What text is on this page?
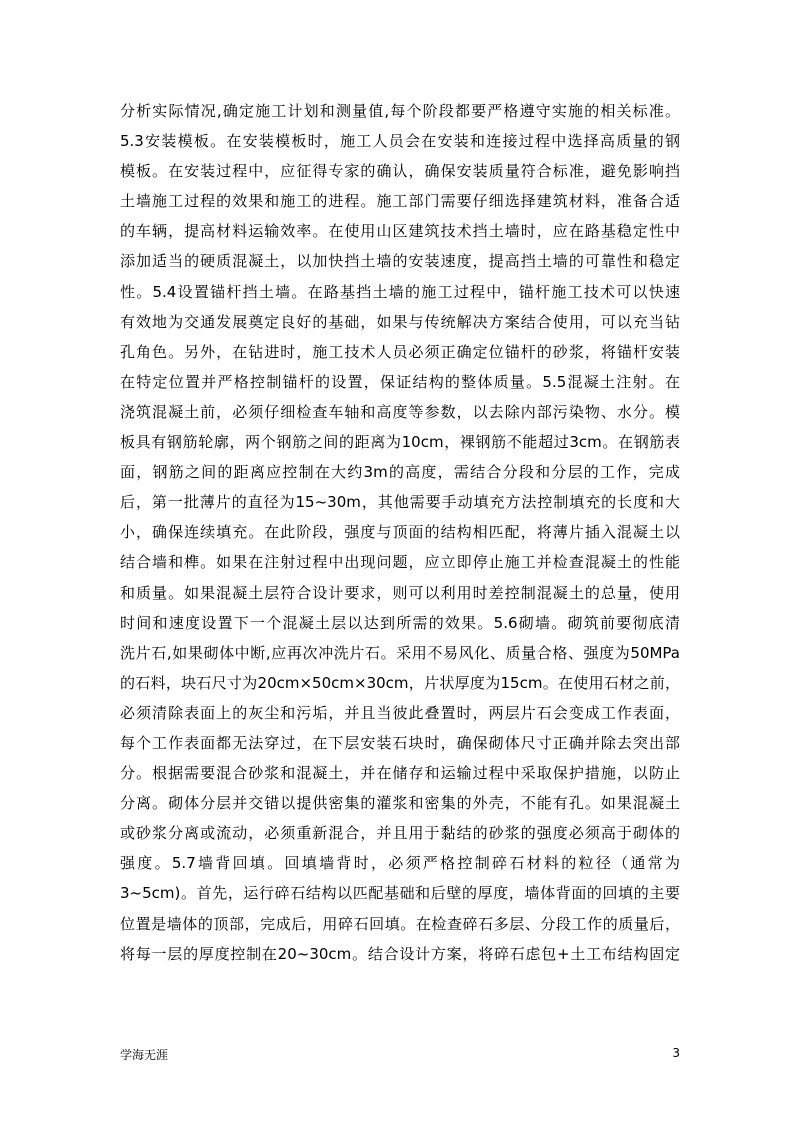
分析实际情况,确定施工计划和测量值,每个阶段都要严格遵守实施的相关标准。
5.3安装模板。在安装模板时，施工人员会在安装和连接过程中选择高质量的钢
模板。在安装过程中，应征得专家的确认，确保安装质量符合标准，避免影响挡
土墙施工过程的效果和施工的进程。施工部门需要仔细选择建筑材料，准备合适
的车辆，提高材料运输效率。在使用山区建筑技术挡土墙时，应在路基稳定性中
添加适当的硬质混凝土，以加快挡土墙的安装速度，提高挡土墙的可靠性和稳定
性。5.4设置锚杆挡土墙。在路基挡土墙的施工过程中，锚杆施工技术可以快速
有效地为交通发展奠定良好的基础，如果与传统解决方案结合使用，可以充当钻
孔角色。另外，在钻进时，施工技术人员必须正确定位锚杆的砂浆，将锚杆安装
在特定位置并严格控制锚杆的设置，保证结构的整体质量。5.5混凝土注射。在
浇筑混凝土前，必须仔细检查车轴和高度等参数，以去除内部污染物、水分。模
板具有钢筋轮廓，两个钢筋之间的距离为10cm，裸钢筋不能超过3cm。在钢筋表
面，钢筋之间的距离应控制在大约3m的高度，需结合分段和分层的工作，完成
后，第一批薄片的直径为15~30m，其他需要手动填充方法控制填充的长度和大
小，确保连续填充。在此阶段，强度与顶面的结构相匹配，将薄片插入混凝土以
结合墙和榫。如果在注射过程中出现问题，应立即停止施工并检查混凝土的性能
和质量。如果混凝土层符合设计要求，则可以利用时差控制混凝土的总量，使用
时间和速度设置下一个混凝土层以达到所需的效果。5.6砌墙。砌筑前要彻底清
洗片石,如果砌体中断,应再次冲洗片石。采用不易风化、质量合格、强度为50MPa
的石料，块石尺寸为20cm×50cm×30cm，片状厚度为15cm。在使用石材之前，
必须清除表面上的灰尘和污垢，并且当彼此叠置时，两层片石会变成工作表面，
每个工作表面都无法穿过，在下层安装石块时，确保砌体尺寸正确并除去突出部
分。根据需要混合砂浆和混凝土，并在储存和运输过程中采取保护措施，以防止
分离。砌体分层并交错以提供密集的灌浆和密集的外壳，不能有孔。如果混凝土
或砂浆分离或流动，必须重新混合，并且用于黏结的砂浆的强度必须高于砌体的
强度。5.7墙背回填。回填墙背时，必须严格控制碎石材料的粒径（通常为
3~5cm)。首先，运行碎石结构以匹配基础和后壁的厚度，墙体背面的回填的主要
位置是墙体的顶部，完成后，用碎石回填。在检查碎石多层、分段工作的质量后，
将每一层的厚度控制在20~30cm。结合设计方案，将碎石虑包+土工布结构固定
学海无涯	3
